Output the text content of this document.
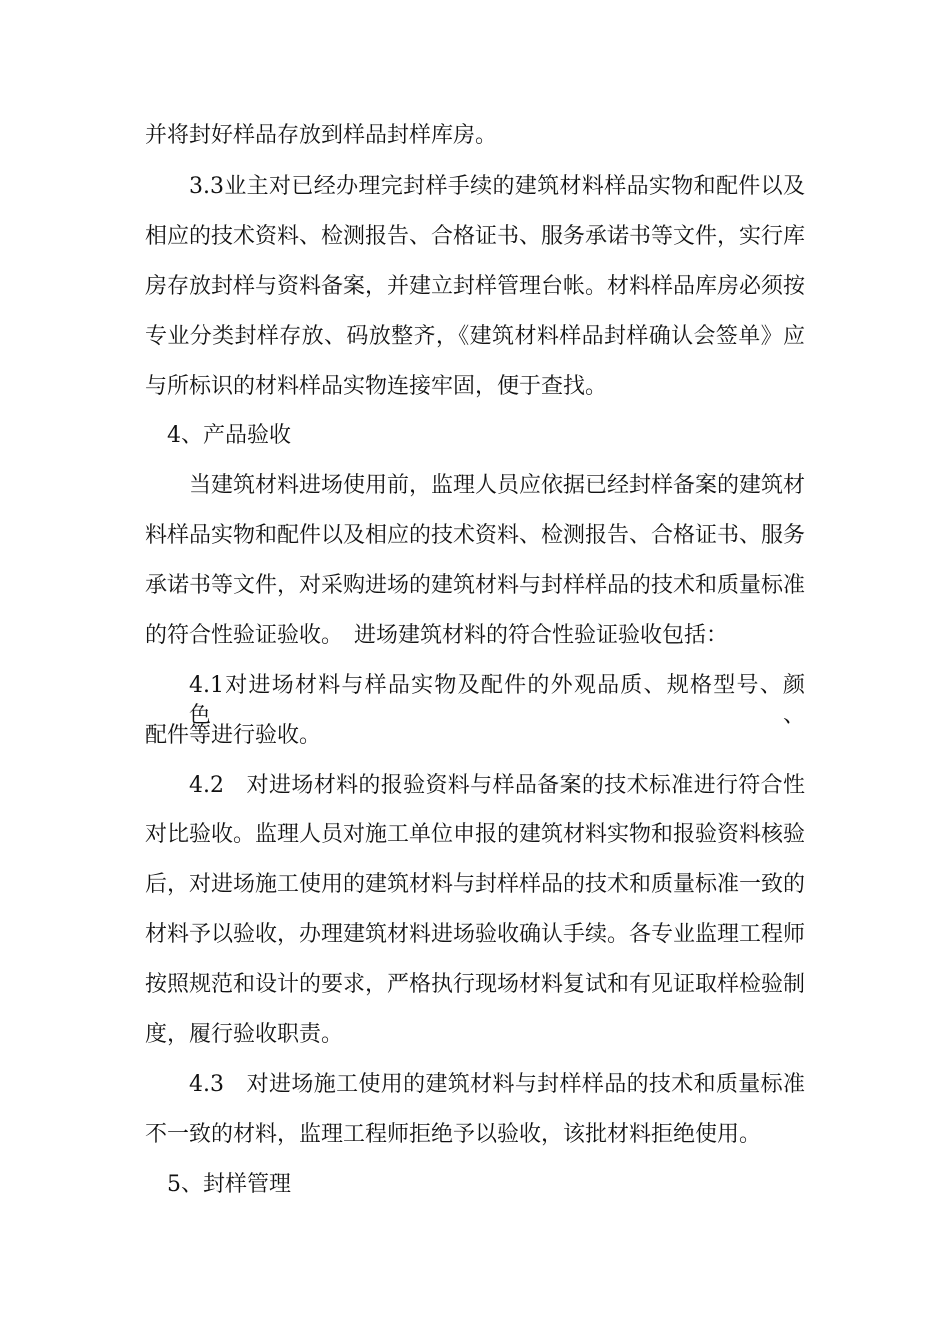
并将封好样品存放到样品封样库房。

3.3业主对已经办理完封样手续的建筑材料样品实物和配件以及

相应的技术资料、检测报告、合格证书、服务承诺书等文件，实行库

房存放封样与资料备案，并建立封样管理台帐。材料样品库房必须按

专业分类封样存放、码放整齐，《建筑材料样品封样确认会签单》应

与所标识的材料样品实物连接牢固，便于查找。

4、产品验收

当建筑材料进场使用前，监理人员应依据已经封样备案的建筑材

料样品实物和配件以及相应的技术资料、检测报告、合格证书、服务

承诺书等文件，对采购进场的建筑材料与封样样品的技术和质量标准

的符合性验证验收。　进场建筑材料的符合性验证验收包括：

4.1对进场材料与样品实物及配件的外观品质、规格型号、颜色、

配件等进行验收。

4.2　对进场材料的报验资料与样品备案的技术标准进行符合性

对比验收。监理人员对施工单位申报的建筑材料实物和报验资料核验

后，对进场施工使用的建筑材料与封样样品的技术和质量标准一致的

材料予以验收，办理建筑材料进场验收确认手续。各专业监理工程师

按照规范和设计的要求，严格执行现场材料复试和有见证取样检验制

度，履行验收职责。

4.3　对进场施工使用的建筑材料与封样样品的技术和质量标准

不一致的材料，监理工程师拒绝予以验收，该批材料拒绝使用。

5、封样管理
